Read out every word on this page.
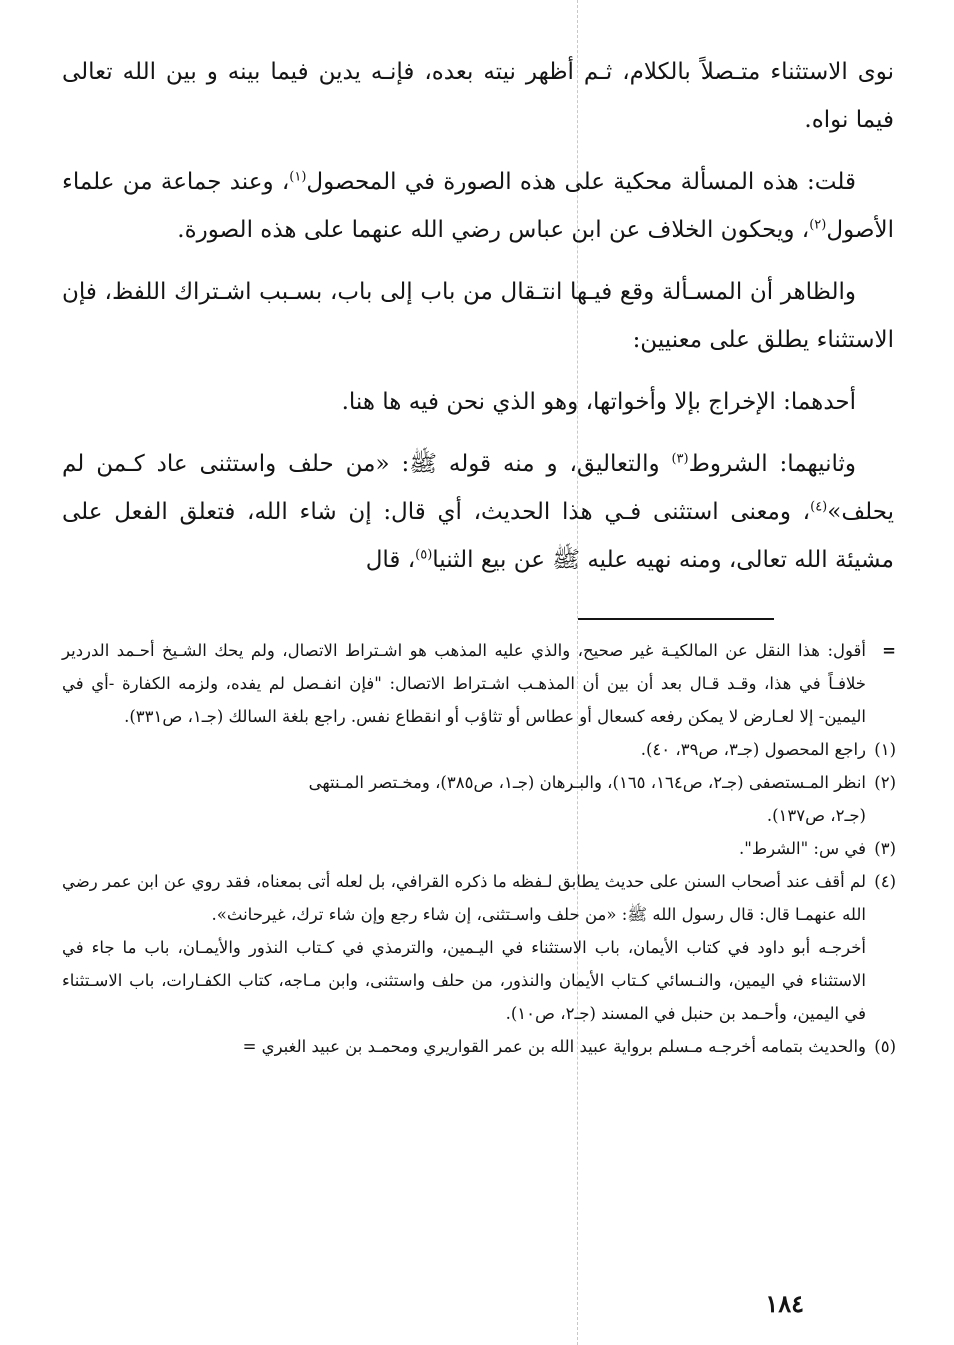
نوى الاستثناء متـصلاً بالكلام، ثـم أظهر نيته بعده، فإنـه يدين فيما بينه و بين الله تعالى فيما نواه.

قلت: هذه المسألة محكية على هذه الصورة في المحصول$^{(١)}$، وعند جماعة من علماء الأصول$^{(٢)}$، ويحكون الخلاف عن ابن عباس رضي الله عنهما على هذه الصورة.

والظاهر أن المسـألة وقع فيـها انتـقال من باب إلى باب، بسـبب اشـتراك اللفظ، فإن الاستثناء يطلق على معنيين:

أحدهما: الإخراج بإلا وأخواتها، وهو الذي نحن فيه ها هنا.

وثانيهما: الشروط$^{(٣)}$ والتعاليق، و منه قوله ﷺ: «من حلف واستثنى عاد كـمن لم يحلف»$^{(٤)}$، ومعنى استثنى فـي هذا الحديث، أي قال: إن شاء الله، فتعلق الفعل على مشيئة الله تعالى، ومنه نهيه عليه ﷺ عن بيع الثنيا$^{(٥)}$، قال

=
أقول: هذا النقل عن المالكيـة غير صحيح، والذي عليه المذهب هو اشـتراط الاتصال، ولم يحك الشـيخ أحـمد الدردير خلافـاً في هذا، وقـد قـال بعد أن بين أن المذهـب اشـتراط الاتصال: "فإن انفـصل لم يفده، ولزمه الكفارة -أي في اليمين- إلا لعـارض لا يمكن رفعه كسعال أو عطاس أو تثاؤب أو انقطاع نفس. راجع بلغة السالك (جـ١، ص٣٣١).
(١)
راجع المحصول (جـ٣، ص٣٩، ٤٠).
(٢)
انظر المـستصفى (جـ٢، ص١٦٤، ١٦٥)، والبـرهان (جـ١، ص٣٨٥)، ومخـتصر المـنتهى
(جـ٢، ص١٣٧).
(٣)
في س: "الشرط".
(٤)
لم أقف عند أصحاب السنن على حديث يطابق لـفظه ما ذكره القرافي، بل لعله أتى بمعناه، فقد روي عن ابن عمر رضي الله عنهمـا قال: قال رسول الله ﷺ: «من حلف واسـتثنى، إن شاء رجع وإن شاء ترك، غيرحانث».
أخرجـه أبو داود في كتاب الأيمان، باب الاستثناء في اليـمين، والترمذي في كـتاب النذور والأيمـان، باب ما جاء في الاستثناء في اليمين، والنـسائي كـتاب الأيمان والنذور، من حلف واستثنى، وابن مـاجه، كتاب الكفـارات، باب الاسـتثناء في اليمين، وأحـمد بن حنبل في المسند (جـ٢، ص١٠).
(٥)
والحديث بتمامه أخرجـه مـسلم برواية عبيد الله بن عمر القواريري ومحمـد بن عبيد الغبري =
١٨٤
